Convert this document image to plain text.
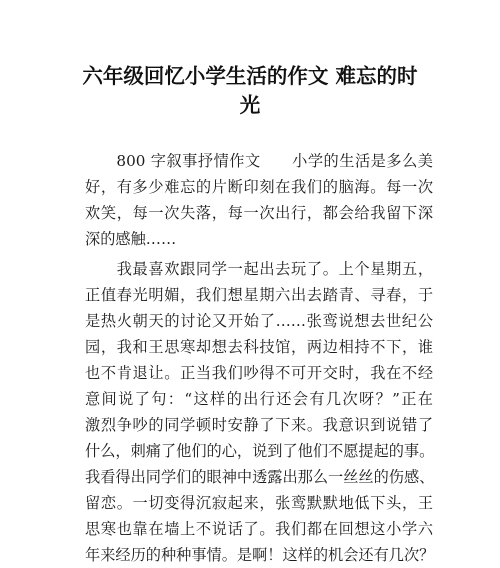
六年级回忆小学生活的作文 难忘的时
光
　　800 字叙事抒情作文　　小学的生活是多么美
好，有多少难忘的片断印刻在我们的脑海。每一次
欢笑，每一次失落，每一次出行，都会给我留下深
深的感触……
　　我最喜欢跟同学一起出去玩了。上个星期五，
正值春光明媚，我们想星期六出去踏青、寻春，于
是热火朝天的讨论又开始了……张鸾说想去世纪公
园，我和王思寒却想去科技馆，两边相持不下，谁
也不肯退让。正当我们吵得不可开交时，我在不经
意间说了句：“这样的出行还会有几次呀？”正在
激烈争吵的同学顿时安静了下来。我意识到说错了
什么，刺痛了他们的心，说到了他们不愿提起的事。
我看得出同学们的眼神中透露出那么一丝丝的伤感、
留恋。一切变得沉寂起来，张鸾默默地低下头，王
思寒也靠在墙上不说话了。我们都在回想这小学六
年来经历的种种事情。是啊！这样的机会还有几次？
